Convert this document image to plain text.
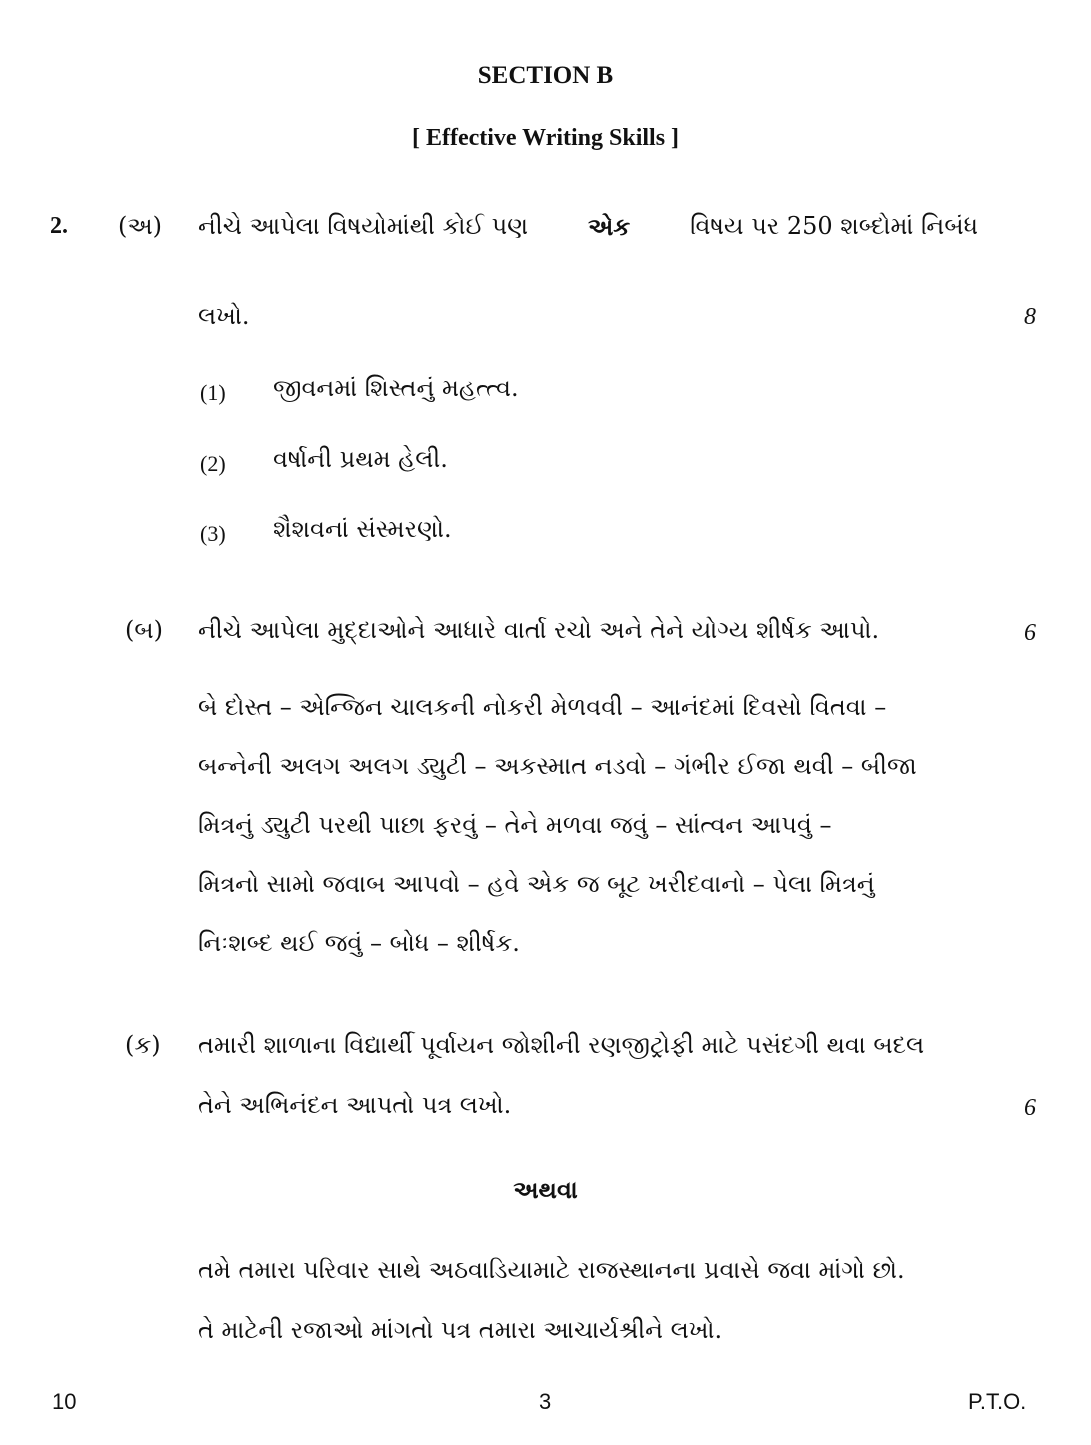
SECTION B
[ Effective Writing Skills ]
2. (અ) નીચે આપેલા વિષયોમાંથી કોઈ પણ એક વિષય પર 250 શબ્દોમાં નિબંધ
લખો.	8
(1) જીવનમાં શિસ્તનું મહત્ત્વ.
(2) વર્ષાની પ્રથમ હેલી.
(3) શૈશવનાં સંસ્મરણો.
(બ) નીચે આપેલા મુદ્દાઓને આધારે વાર્તા રચો અને તેને યોગ્ય શીર્ષક આપો.	6
બે દોસ્ત – એન્જિન ચાલકની નોકરી મેળવવી – આનંદમાં દિવસો વિતવા –
બન્નેની અલગ અલગ ડ્યુટી – અકસ્માત નડવો – ગંભીર ઈજા થવી – બીજા
મિત્રનું ડ્યુટી પરથી પાછા ફરવું – તેને મળવા જવું – સાંત્વન આપવું –
મિત્રનો સામો જવાબ આપવો – હવે એક જ બૂટ ખરીદવાનો – પેલા મિત્રનું
નિઃશબ્દ થઈ જવું – બોધ – શીર્ષક.
(ક) તમારી શાળાના વિદ્યાર્થી પૂર્વાયન જોશીની રણજીટ્રોફી માટે પસંદગી થવા બદલ
તેને અભિનંદન આપતો પત્ર લખો.	6
અથવા
તમે તમારા પરિવાર સાથે અઠવાડિયામાટે રાજસ્થાનના પ્રવાસે જવા માંગો છો.
તે માટેની રજાઓ માંગતો પત્ર તમારા આચાર્યશ્રીને લખો.
10	3	P.T.O.
